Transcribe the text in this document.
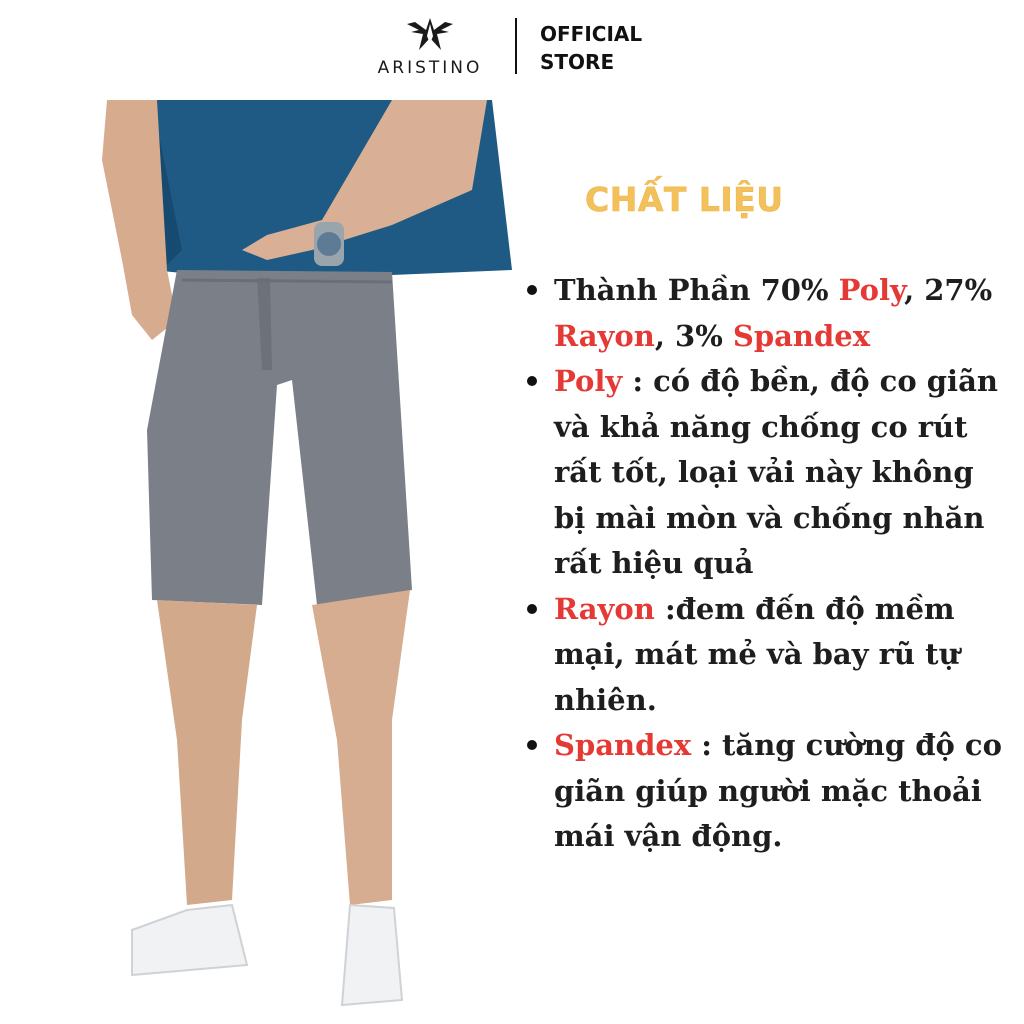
ARISTINO
OFFICIAL
STORE
CHẤT LIỆU
Thành Phần 70% Poly, 27% Rayon, 3% Spandex
Poly : có độ bền, độ co giãn và khả năng chống co rút rất tốt, loại vải này không bị mài mòn và chống nhăn rất hiệu quả
Rayon :đem đến độ mềm mại, mát mẻ và bay rũ tự nhiên.
Spandex : tăng cường độ co giãn giúp người mặc thoải mái vận động.
